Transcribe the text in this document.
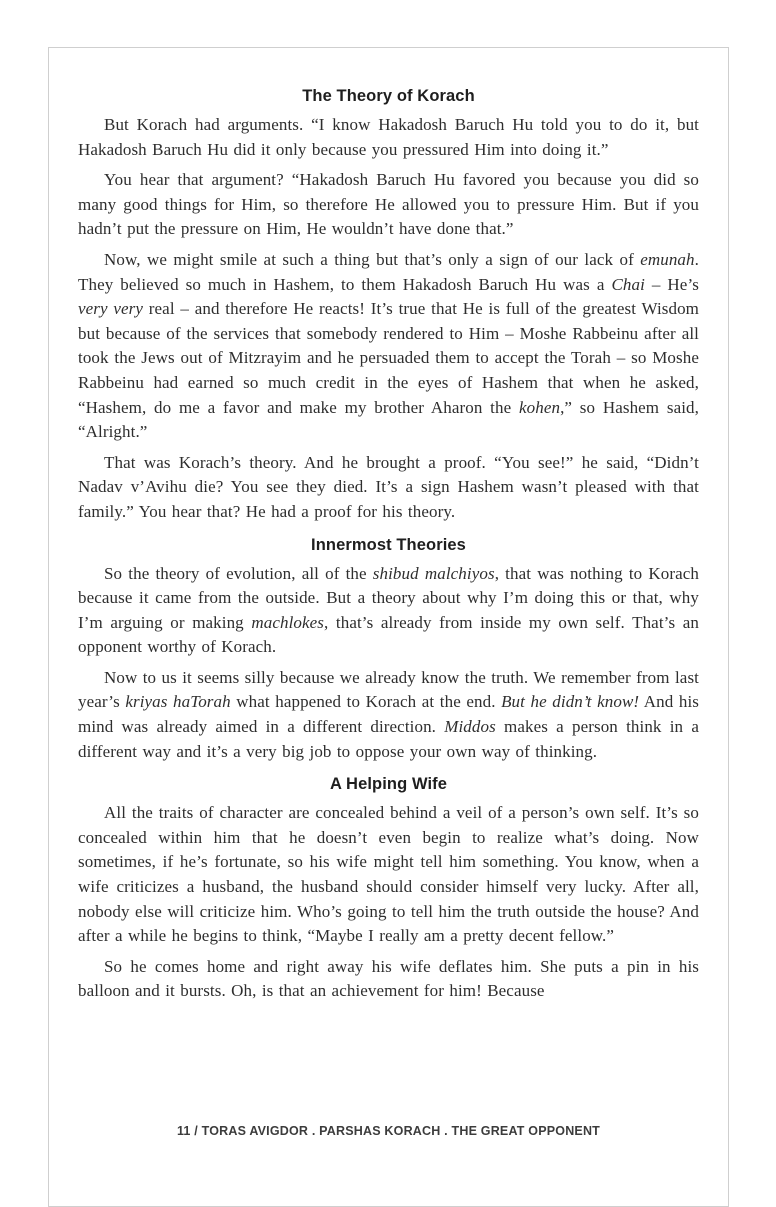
The Theory of Korach

But Korach had arguments. “I know Hakadosh Baruch Hu told you to do it, but Hakadosh Baruch Hu did it only because you pressured Him into doing it.”

You hear that argument? “Hakadosh Baruch Hu favored you because you did so many good things for Him, so therefore He allowed you to pressure Him. But if you hadn’t put the pressure on Him, He wouldn’t have done that.”

Now, we might smile at such a thing but that’s only a sign of our lack of emunah. They believed so much in Hashem, to them Hakadosh Baruch Hu was a Chai – He’s very very real – and therefore He reacts! It’s true that He is full of the greatest Wisdom but because of the services that somebody rendered to Him – Moshe Rabbeinu after all took the Jews out of Mitzrayim and he persuaded them to accept the Torah – so Moshe Rabbeinu had earned so much credit in the eyes of Hashem that when he asked, “Hashem, do me a favor and make my brother Aharon the kohen,” so Hashem said, “Alright.”

That was Korach’s theory. And he brought a proof. “You see!” he said, “Didn’t Nadav v’Avihu die? You see they died. It’s a sign Hashem wasn’t pleased with that family.” You hear that? He had a proof for his theory.

Innermost Theories

So the theory of evolution, all of the shibud malchiyos, that was nothing to Korach because it came from the outside. But a theory about why I’m doing this or that, why I’m arguing or making machlokes, that’s already from inside my own self. That’s an opponent worthy of Korach.

Now to us it seems silly because we already know the truth. We remember from last year’s kriyas haTorah what happened to Korach at the end. But he didn’t know! And his mind was already aimed in a different direction. Middos makes a person think in a different way and it’s a very big job to oppose your own way of thinking.

A Helping Wife

All the traits of character are concealed behind a veil of a person’s own self. It’s so concealed within him that he doesn’t even begin to realize what’s doing. Now sometimes, if he’s fortunate, so his wife might tell him something. You know, when a wife criticizes a husband, the husband should consider himself very lucky. After all, nobody else will criticize him. Who’s going to tell him the truth outside the house? And after a while he begins to think, “Maybe I really am a pretty decent fellow.”

So he comes home and right away his wife deflates him. She puts a pin in his balloon and it bursts. Oh, is that an achievement for him! Because

11 / TORAS AVIGDOR . PARSHAS KORACH . THE GREAT OPPONENT
